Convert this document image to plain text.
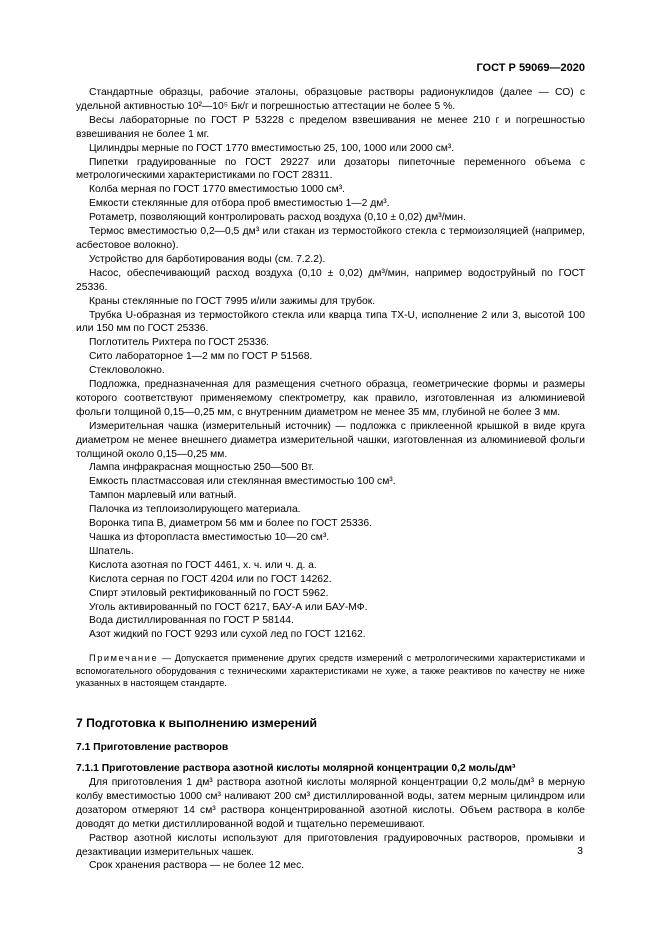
ГОСТ Р 59069—2020

Стандартные образцы, рабочие эталоны, образцовые растворы радионуклидов (далее — СО) с удельной активностью 10²—10⁵ Бк/г и погрешностью аттестации не более 5 %.

Весы лабораторные по ГОСТ Р 53228 с пределом взвешивания не менее 210 г и погрешностью взвешивания не более 1 мг.

Цилиндры мерные по ГОСТ 1770 вместимостью 25, 100, 1000 или 2000 см³.

Пипетки градуированные по ГОСТ 29227 или дозаторы пипеточные переменного объема с метрологическими характеристиками по ГОСТ 28311.

Колба мерная по ГОСТ 1770 вместимостью 1000 см³.

Емкости стеклянные для отбора проб вместимостью 1—2 дм³.

Ротаметр, позволяющий контролировать расход воздуха (0,10 ± 0,02) дм³/мин.

Термос вместимостью 0,2—0,5 дм³ или стакан из термостойкого стекла с термоизоляцией (например, асбестовое волокно).

Устройство для барботирования воды (см. 7.2.2).

Насос, обеспечивающий расход воздуха (0,10 ± 0,02) дм³/мин, например водоструйный по ГОСТ 25336.

Краны стеклянные по ГОСТ 7995 и/или зажимы для трубок.

Трубка U-образная из термостойкого стекла или кварца типа TX-U, исполнение 2 или 3, высотой 100 или 150 мм по ГОСТ 25336.

Поглотитель Рихтера по ГОСТ 25336.

Сито лабораторное 1—2 мм по ГОСТ Р 51568.

Стекловолокно.

Подложка, предназначенная для размещения счетного образца, геометрические формы и размеры которого соответствуют применяемому спектрометру, как правило, изготовленная из алюминиевой фольги толщиной 0,15—0,25 мм, с внутренним диаметром не менее 35 мм, глубиной не более 3 мм.

Измерительная чашка (измерительный источник) — подложка с приклеенной крышкой в виде круга диаметром не менее внешнего диаметра измерительной чашки, изготовленная из алюминиевой фольги толщиной около 0,15—0,25 мм.

Лампа инфракрасная мощностью 250—500 Вт.

Емкость пластмассовая или стеклянная вместимостью 100 см³.

Тампон марлевый или ватный.

Палочка из теплоизолирующего материала.

Воронка типа В, диаметром 56 мм и более по ГОСТ 25336.

Чашка из фторопласта вместимостью 10—20 см³.

Шпатель.

Кислота азотная по ГОСТ 4461, х. ч. или ч. д. а.

Кислота серная по ГОСТ 4204 или по ГОСТ 14262.

Спирт этиловый ректификованный по ГОСТ 5962.

Уголь активированный по ГОСТ 6217, БАУ-А или БАУ-МФ.

Вода дистиллированная по ГОСТ Р 58144.

Азот жидкий по ГОСТ 9293 или сухой лед по ГОСТ 12162.

Примечание — Допускается применение других средств измерений с метрологическими характеристиками и вспомогательного оборудования с техническими характеристиками не хуже, а также реактивов по качеству не ниже указанных в настоящем стандарте.

7 Подготовка к выполнению измерений
7.1 Приготовление растворов
7.1.1 Приготовление раствора азотной кислоты молярной концентрации 0,2 моль/дм³

Для приготовления 1 дм³ раствора азотной кислоты молярной концентрации 0,2 моль/дм³ в мерную колбу вместимостью 1000 см³ наливают 200 см³ дистиллированной воды, затем мерным цилиндром или дозатором отмеряют 14 см³ раствора концентрированной азотной кислоты. Объем раствора в колбе доводят до метки дистиллированной водой и тщательно перемешивают.

Раствор азотной кислоты используют для приготовления градуировочных растворов, промывки и дезактивации измерительных чашек.

Срок хранения раствора — не более 12 мес.

3
